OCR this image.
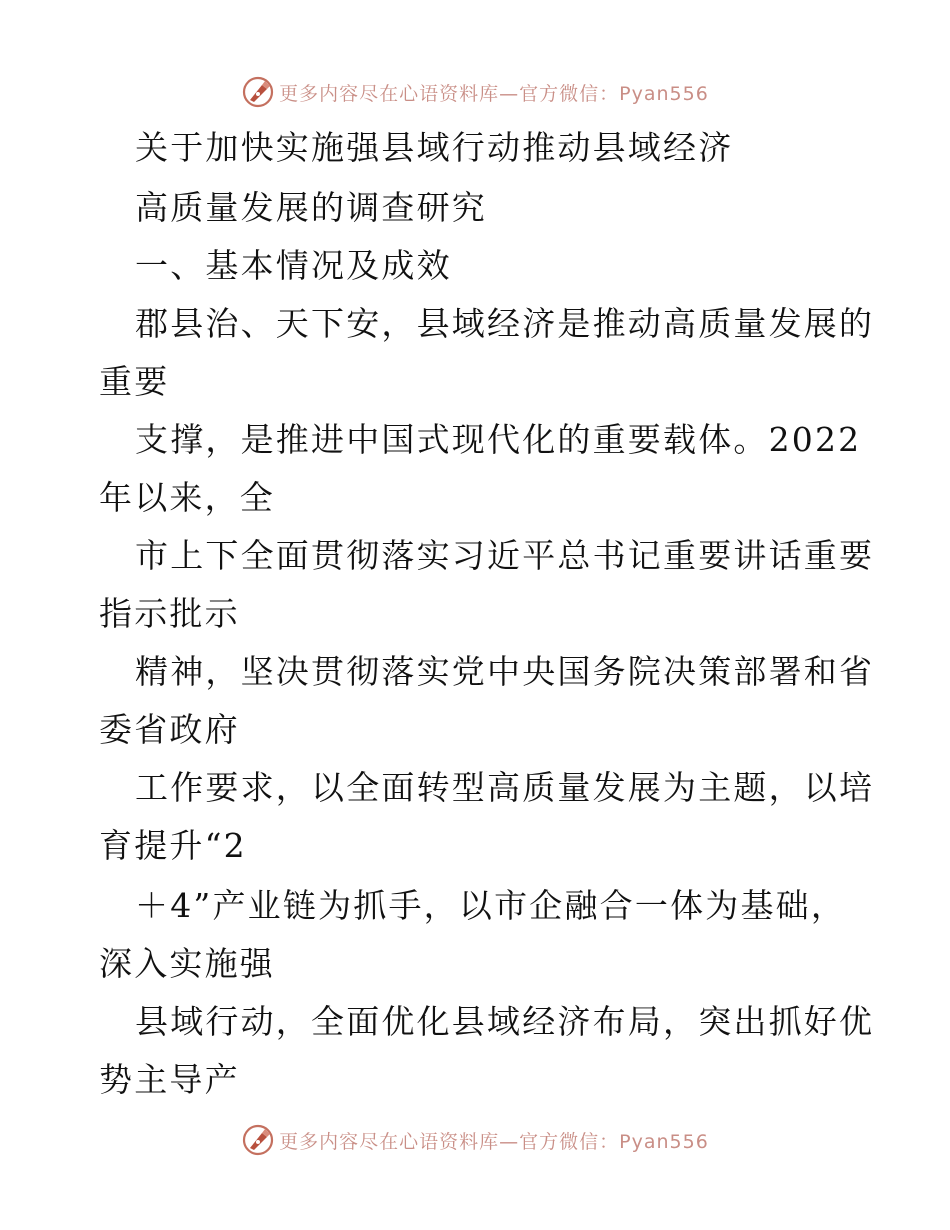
更多内容尽在心语资料库—官方微信：Pyan556
关于加快实施强县域行动推动县域经济
高质量发展的调查研究
一、基本情况及成效
郡县治、天下安，县域经济是推动高质量发展的
重要
支撑，是推进中国式现代化的重要载体。2022
年以来，全
市上下全面贯彻落实习近平总书记重要讲话重要
指示批示
精神，坚决贯彻落实党中央国务院决策部署和省
委省政府
工作要求，以全面转型高质量发展为主题，以培
育提升“2
＋4”产业链为抓手，以市企融合一体为基础，
深入实施强
县域行动，全面优化县域经济布局，突出抓好优
势主导产
更多内容尽在心语资料库—官方微信：Pyan556
